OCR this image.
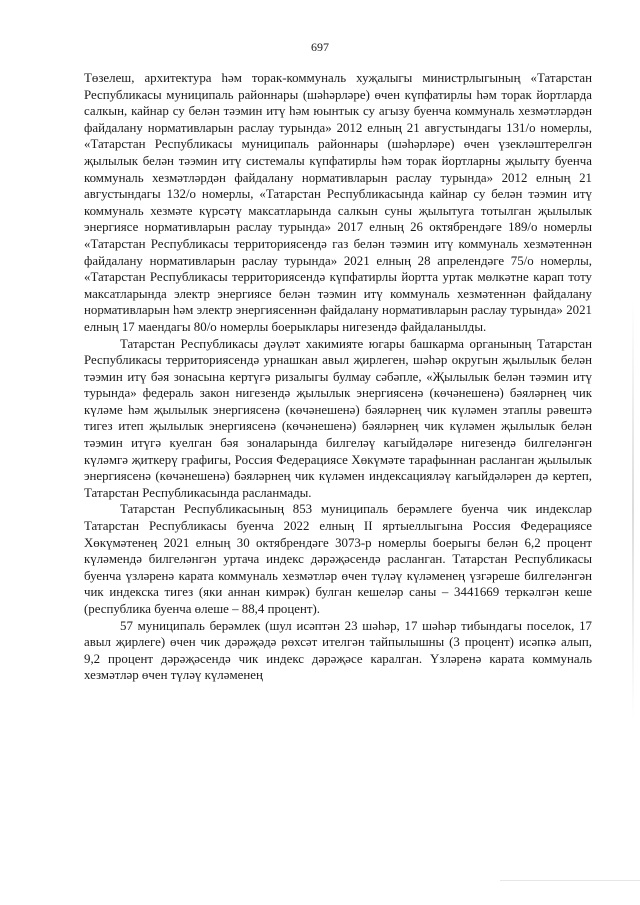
697

Төзелеш, архитектура һәм торак-коммуналь хуҗалыгы министрлыгының «Татарстан Республикасы муниципаль районнары (шәһәрләре) өчен күпфатирлы һәм торак йортларда салкын, кайнар су белән тәэмин итү һәм юынтык су агызу буенча коммуналь хезмәтләрдән файдалану нормативларын раслау турында» 2012 елның 21 августындагы 131/о номерлы, «Татарстан Республикасы муниципаль районнары (шәһәрләре) өчен үзекләштерелгән җылылык белән тәэмин итү системалы күпфатирлы һәм торак йортларны җылыту буенча коммуналь хезмәтләрдән файдалану нормативларын раслау турында» 2012 елның 21 августындагы 132/о номерлы, «Татарстан Республикасында кайнар су белән тәэмин итү коммуналь хезмәте күрсәтү максатларында салкын суны җылытуга тотылган җылылык энергиясе нормативларын раслау турында» 2017 елның 26 октябрендәге 189/о номерлы «Татарстан Республикасы территориясендә газ белән тәэмин итү коммуналь хезмәтеннән файдалану нормативларын раслау турында» 2021 елның 28 апрелендәге 75/о номерлы, «Татарстан Республикасы территориясендә күпфатирлы йортта уртак мөлкәтне карап тоту максатларында электр энергиясе белән тәэмин итү коммуналь хезмәтеннән файдалану нормативларын һәм электр энергиясеннән файдалану нормативларын раслау турында» 2021 елның 17 маендагы 80/о номерлы боерыклары нигезендә файдаланылды.

Татарстан Республикасы дәүләт хакимияте югары башкарма органының Татарстан Республикасы территориясендә урнашкан авыл җирлеген, шәһәр округын җылылык белән тәэмин итү бәя зонасына кертүгә ризалыгы булмау сәбәпле, «Җылылык белән тәэмин итү турында» федераль закон нигезендә җылылык энергиясенә (көчәнешенә) бәяләрнең чик күләме һәм җылылык энергиясенә (көчәнешенә) бәяләрнең чик күләмен этаплы рәвештә тигез итеп җылылык энергиясенә (көчәнешенә) бәяләрнең чик күләмен җылылык белән тәэмин итүгә куелган бәя зоналарында билгеләү кагыйдәләре нигезендә билгеләнгән күләмгә җиткерү графигы, Россия Федерациясе Хөкүмәте тарафыннан расланган җылылык энергиясенә (көчәнешенә) бәяләрнең чик күләмен индексацияләү кагыйдәләрен дә кертеп, Татарстан Республикасында расланмады.

Татарстан Республикасының 853 муниципаль берәмлеге буенча чик индекслар Татарстан Республикасы буенча 2022 елның II яртыеллыгына Россия Федерациясе Хөкүмәтенең 2021 елның 30 октябрендәге 3073-р номерлы боерыгы белән 6,2 процент күләмендә билгеләнгән уртача индекс дәрәҗәсендә расланган. Татарстан Республикасы буенча үзләренә карата коммуналь хезмәтләр өчен түләү күләменең үзгәреше билгеләнгән чик индекска тигез (яки аннан кимрәк) булган кешеләр саны – 3441669 теркәлгән кеше (республика буенча өлеше – 88,4 процент).

57 муниципаль берәмлек (шул исәптән 23 шәһәр, 17 шәһәр тибындагы поселок, 17 авыл җирлеге) өчен чик дәрәҗәдә рөхсәт ителгән тайпылышны (3 процент) исәпкә алып, 9,2 процент дәрәҗәсендә чик индекс дәрәҗәсе каралган. Үзләренә карата коммуналь хезмәтләр өчен түләү күләменең
